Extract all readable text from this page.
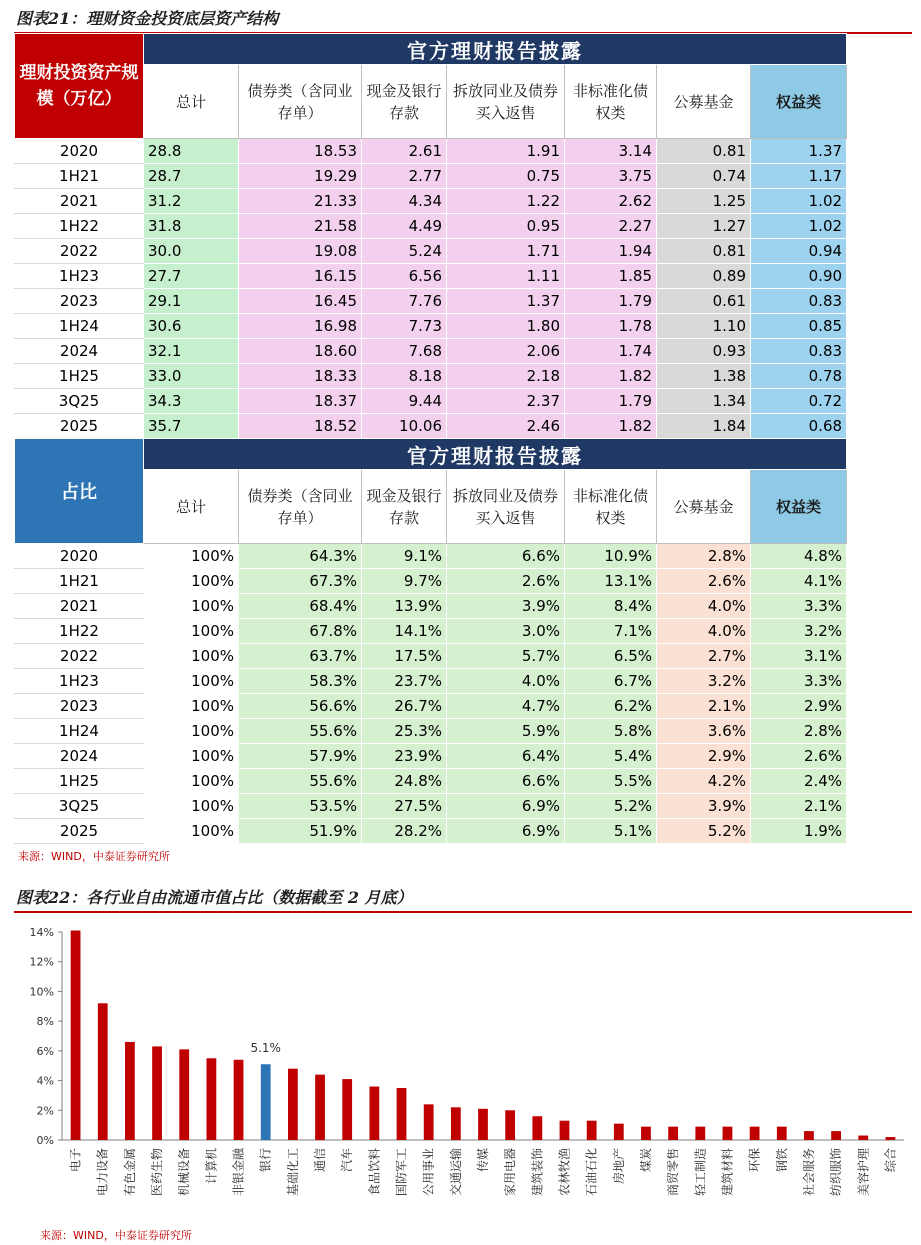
图表21：理财资金投资底层资产结构
理财投资资产规模（万亿）	官方理财报告披露						
	总计	债券类（含同业存单）	现金及银行存款	拆放同业及债券买入返售	非标准化债权类	公募基金	权益类
2020	28.8	18.53	2.61	1.91	3.14	0.81	1.37
1H21	28.7	19.29	2.77	0.75	3.75	0.74	1.17
2021	31.2	21.33	4.34	1.22	2.62	1.25	1.02
1H22	31.8	21.58	4.49	0.95	2.27	1.27	1.02
2022	30.0	19.08	5.24	1.71	1.94	0.81	0.94
1H23	27.7	16.15	6.56	1.11	1.85	0.89	0.90
2023	29.1	16.45	7.76	1.37	1.79	0.61	0.83
1H24	30.6	16.98	7.73	1.80	1.78	1.10	0.85
2024	32.1	18.60	7.68	2.06	1.74	0.93	0.83
1H25	33.0	18.33	8.18	2.18	1.82	1.38	0.78
3Q25	34.3	18.37	9.44	2.37	1.79	1.34	0.72
2025	35.7	18.52	10.06	2.46	1.82	1.84	0.68
占比	官方理财报告披露						
	总计	债券类（含同业存单）	现金及银行存款	拆放同业及债券买入返售	非标准化债权类	公募基金	权益类
2020	100%	64.3%	9.1%	6.6%	10.9%	2.8%	4.8%
1H21	100%	67.3%	9.7%	2.6%	13.1%	2.6%	4.1%
2021	100%	68.4%	13.9%	3.9%	8.4%	4.0%	3.3%
1H22	100%	67.8%	14.1%	3.0%	7.1%	4.0%	3.2%
2022	100%	63.7%	17.5%	5.7%	6.5%	2.7%	3.1%
1H23	100%	58.3%	23.7%	4.0%	6.7%	3.2%	3.3%
2023	100%	56.6%	26.7%	4.7%	6.2%	2.1%	2.9%
1H24	100%	55.6%	25.3%	5.9%	5.8%	3.6%	2.8%
2024	100%	57.9%	23.9%	6.4%	5.4%	2.9%	2.6%
1H25	100%	55.6%	24.8%	6.6%	5.5%	4.2%	2.4%
3Q25	100%	53.5%	27.5%	6.9%	5.2%	3.9%	2.1%
2025	100%	51.9%	28.2%	6.9%	5.1%	5.2%	1.9%
来源：WIND，中泰证券研究所
图表22：各行业自由流通市值占比（数据截至 2 月底）
0%
2%
4%
6%
8%
10%
12%
14%
电子 电力设备 有色金属 医药生物 机械设备 计算机 非银金融 银行
5.1%
基础化工 通信 汽车 食品饮料 国防军工 公用事业 交通运输 传媒 家用电器 建筑装饰 农林牧渔 石油石化 房地产 煤炭 商贸零售 轻工制造 建筑材料 环保 钢铁 社会服务 纺织服饰 美容护理 综合
来源：WIND，中泰证券研究所
